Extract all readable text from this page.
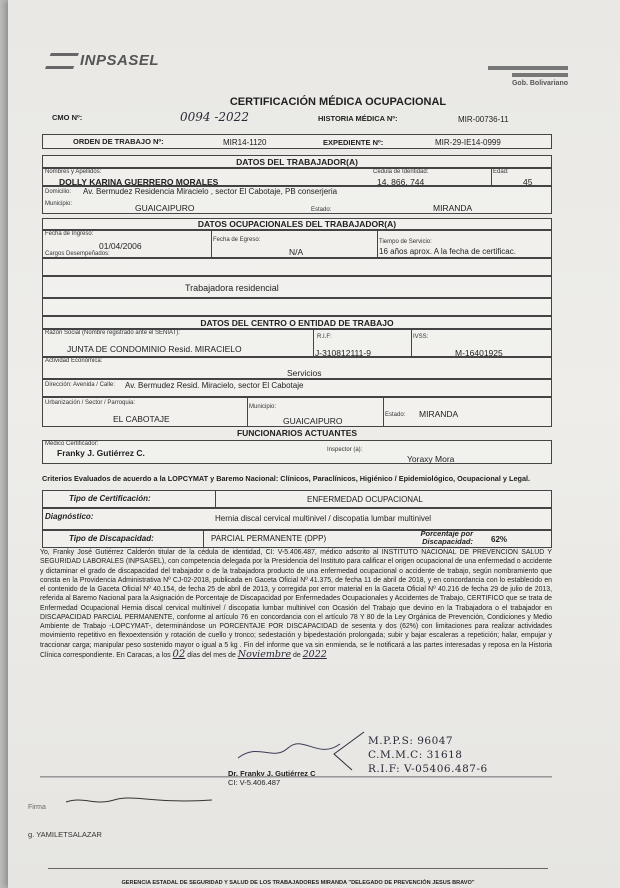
INPSASEL
Gob. Bolivariano
CERTIFICACIÓN MÉDICA OCUPACIONAL
CMO Nº:	0094 -2022	HISTORIA MÉDICA Nº:	MIR-00736-11
ORDEN DE TRABAJO Nº:	MIR14-1120	EXPEDIENTE Nº:	MIR-29-IE14-0999
DATOS DEL TRABAJADOR(A)
Nombres y Apellidos:
DOLLY KARINA GUERRERO MORALES
Cédula de Identidad:
14. 866. 744
Edad:
45
Domicilio: Av. Bermudez Residencia Miracielo , sector El Cabotaje, PB conserjeria
Municipio:	GUAICAIPURO	Estado:	MIRANDA
DATOS OCUPACIONALES DEL TRABAJADOR(A)
Fecha de Ingreso:
01/04/2006
Fecha de Egreso:
N/A
Tiempo de Servicio:
16 años aprox. A la fecha de certificac.
Cargos Desempeñados:
Trabajadora residencial
DATOS DEL CENTRO O ENTIDAD DE TRABAJO
Razón Social (Nombre registrado ante el SENIAT):
JUNTA DE CONDOMINIO Resid. MIRACIELO
R.I.F:
J-310812111-9
IVSS:
M-16401925
Actividad Económica:
Servicios
Dirección: Avenida / Calle: Av. Bermudez Resid. Miracielo, sector El Cabotaje
Urbanización / Sector / Parroquia:
EL CABOTAJE
Municipio:
GUAICAIPURO
Estado: MIRANDA
FUNCIONARIOS ACTUANTES
Médico Certificador:
Franky J. Gutiérrez C.	Inspector (a):
Yoraxy Mora
Criterios Evaluados de acuerdo a la LOPCYMAT y Baremo Nacional: Clínicos, Paraclínicos, Higiénico / Epidemiológico, Ocupacional y Legal.
Tipo de Certificación:	ENFERMEDAD OCUPACIONAL
Diagnóstico:	Hernia discal cervical multinivel / discopatia lumbar multinivel
Tipo de Discapacidad:	PARCIAL PERMANENTE (DPP)
Porcentaje por Discapacidad: 62%
Yo, Franky José Gutiérrez Calderón titular de la cédula de identidad, CI: V-5.406.487, médico adscrito al INSTITUTO NACIONAL DE PREVENCIÓN SALUD Y SEGURIDAD LABORALES (INPSASEL), con competencia delegada por la Presidencia del Instituto para calificar el origen ocupacional de una enfermedad o accidente y dictaminar el grado de discapacidad del trabajador o de la trabajadora producto de una enfermedad ocupacional o accidente de trabajo, según nombramiento que consta en la Providencia Administrativa Nº CJ-02-2018, publicada en Gaceta Oficial Nº 41.375, de fecha 11 de abril de 2018, y en concordancia con lo establecido en el contenido de la Gaceta Oficial Nº 40.154, de fecha 25 de abril de 2013, y corregida por error material en la Gaceta Oficial Nº 40.216 de fecha 29 de julio de 2013, referida al Baremo Nacional para la Asignación de Porcentaje de Discapacidad por Enfermedades Ocupacionales y Accidentes de Trabajo, CERTIFICO que se trata de Enfermedad Ocupacional Hernia discal cervical multinivel / discopatia lumbar multinivel con Ocasión del Trabajo que devino en la Trabajadora o el trabajador en DISCAPACIDAD PARCIAL PERMANENTE, conforme al artículo 76 en concordancia con el artículo 78 Y 80 de la Ley Orgánica de Prevención, Condiciones y Medio Ambiente de Trabajo -LOPCYMAT-, determinándose un PORCENTAJE POR DISCAPACIDAD de sesenta y dos (62%) con limitaciones para realizar actividades movimiento repetitivo en flexoextensión y rotación de cuello y tronco; sedestación y bipedestación prolongada; subir y bajar escaleras a repetición; halar, empujar y traccionar carga; manipular peso sostenido mayor o igual a 5 kg . Fin del informe que va sin enmienda, se le notificará a las partes interesadas y reposa en la Historia Clínica correspondiente. En Caracas, a los 02 días del mes de Noviembre de 2022
Dr. Franky J. Gutiérrez C
CI: V-5.406.487
M.P.P.S: 96047
C.M.M.C: 31618
R.I.F: V-05406.487-6
Firma
g. YAMILETSALAZAR
GERENCIA ESTADAL DE SEGURIDAD Y SALUD DE LOS TRABAJADORES MIRANDA "DELEGADO DE PREVENCIÓN JESUS BRAVO"
